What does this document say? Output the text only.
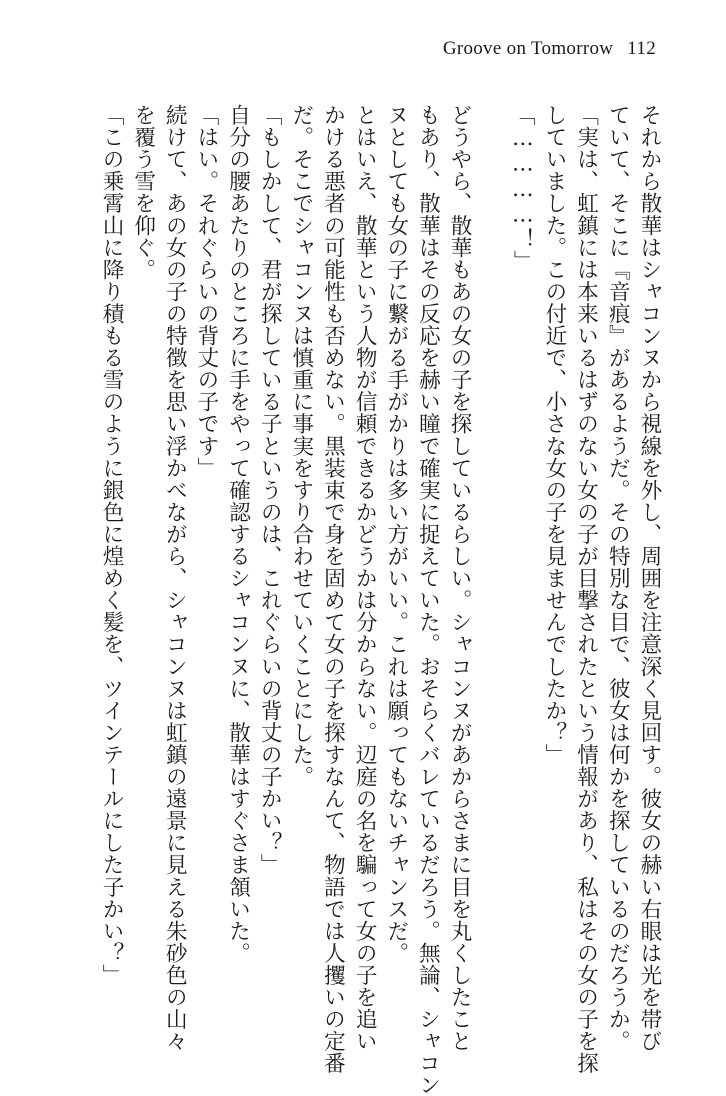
Groove on Tomorrow 112
それから散華はシャコンヌから視線を外し、周囲を注意深く見回す。彼女の赫い右眼は光を帯び
ていて、そこに『音痕』があるようだ。その特別な目で、彼女は何かを探しているのだろうか。
「実は、虹鎮には本来いるはずのない女の子が目撃されたという情報があり、私はその女の子を探
していました。この付近で、小さな女の子を見ませんでしたか？」
「…………！」
どうやら、散華もあの女の子を探しているらしい。シャコンヌがあからさまに目を丸くしたこと
もあり、散華はその反応を赫い瞳で確実に捉えていた。おそらくバレているだろう。無論、シャコン
ヌとしても女の子に繋がる手がかりは多い方がいい。これは願ってもないチャンスだ。
とはいえ、散華という人物が信頼できるかどうかは分からない。辺庭の名を騙って女の子を追い
かける悪者の可能性も否めない。黒装束で身を固めて女の子を探すなんて、物語では人攫いの定番
だ。そこでシャコンヌは慎重に事実をすり合わせていくことにした。
「もしかして、君が探している子というのは、これぐらいの背丈の子かい？」
自分の腰あたりのところに手をやって確認するシャコンヌに、散華はすぐさま頷いた。
「はい。それぐらいの背丈の子です」
続けて、あの女の子の特徴を思い浮かべながら、シャコンヌは虹鎮の遠景に見える朱砂色の山々
を覆う雪を仰ぐ。
「この乗霄山に降り積もる雪のように銀色に煌めく髪を、ツインテールにした子かい？」
